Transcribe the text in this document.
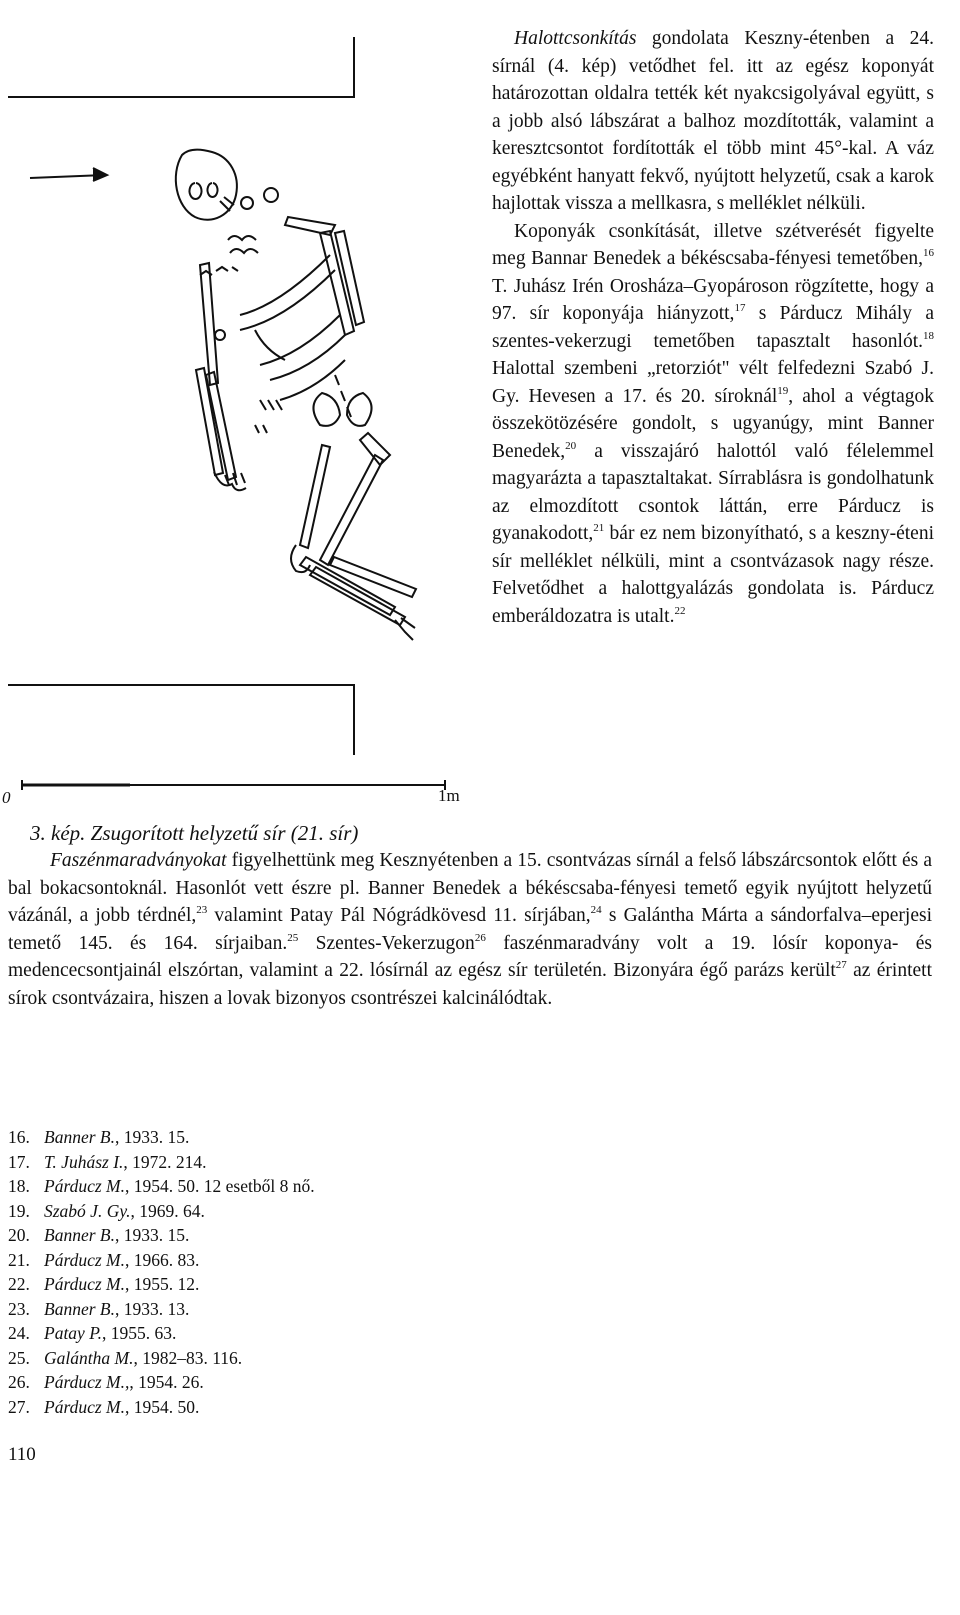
0	1m
3. kép. Zsugorított helyzetű sír (21. sír)

Halottcsonkítás gondolata Keszny-étenben a 24. sírnál (4. kép) vetődhet fel. itt az egész koponyát határozottan oldalra tették két nyakcsigolyával együtt, s a jobb alsó lábszárat a balhoz mozdították, valamint a keresztcsontot fordították el több mint 45°-kal. A váz egyébként hanyatt fekvő, nyújtott helyzetű, csak a karok hajlottak vissza a mellkasra, s melléklet nélküli.

Koponyák csonkítását, illetve szétverését figyelte meg Bannar Benedek a békéscsaba-fényesi temetőben,$^{16}$ T. Juhász Irén Orosháza–Gyopároson rögzítette, hogy a 97. sír koponyája hiányzott,$^{17}$ s Párducz Mihály a szentes-vekerzugi temetőben tapasztalt hasonlót.$^{18}$ Halottal szembeni „retorziót" vélt felfedezni Szabó J. Gy. Hevesen a 17. és 20. síroknál$^{19}$, ahol a végtagok összekötözésére gondolt, s ugyanúgy, mint Banner Benedek,$^{20}$ a visszajáró halottól való félelemmel magyarázta a tapasztaltakat. Sírrablásra is gondolhatunk az elmozdított csontok láttán, erre Párducz is gyanakodott,$^{21}$ bár ez nem bizonyítható, s a keszny-éteni sír melléklet nélküli, mint a csontvázasok nagy része. Felvetődhet a halottgyalázás gondolata is. Párducz emberáldozatra is utalt.$^{22}$

Faszénmaradványokat figyelhettünk meg Kesznyétenben a 15. csontvázas sírnál a felső lábszárcsontok előtt és a bal bokacsontoknál. Hasonlót vett észre pl. Banner Benedek a békéscsaba-fényesi temető egyik nyújtott helyzetű vázánál, a jobb térdnél,$^{23}$ valamint Patay Pál Nógrádkövesd 11. sírjában,$^{24}$ s Galántha Márta a sándorfalva–eperjesi temető 145. és 164. sírjaiban.$^{25}$ Szentes-Vekerzugon$^{26}$ faszénmaradvány volt a 19. lósír koponya- és medencecsontjainál elszórtan, valamint a 22. lósírnál az egész sír területén. Bizonyára égő parázs került$^{27}$ az érintett sírok csontvázaira, hiszen a lovak bizonyos csontrészei kalcinálódtak.

16. Banner B., 1933. 15.
17. T. Juhász I., 1972. 214.
18. Párducz M., 1954. 50. 12 esetből 8 nő.
19. Szabó J. Gy., 1969. 64.
20. Banner B., 1933. 15.
21. Párducz M., 1966. 83.
22. Párducz M., 1955. 12.
23. Banner B., 1933. 13.
24. Patay P., 1955. 63.
25. Galántha M., 1982–83. 116.
26. Párducz M.,, 1954. 26.
27. Párducz M., 1954. 50.
110
